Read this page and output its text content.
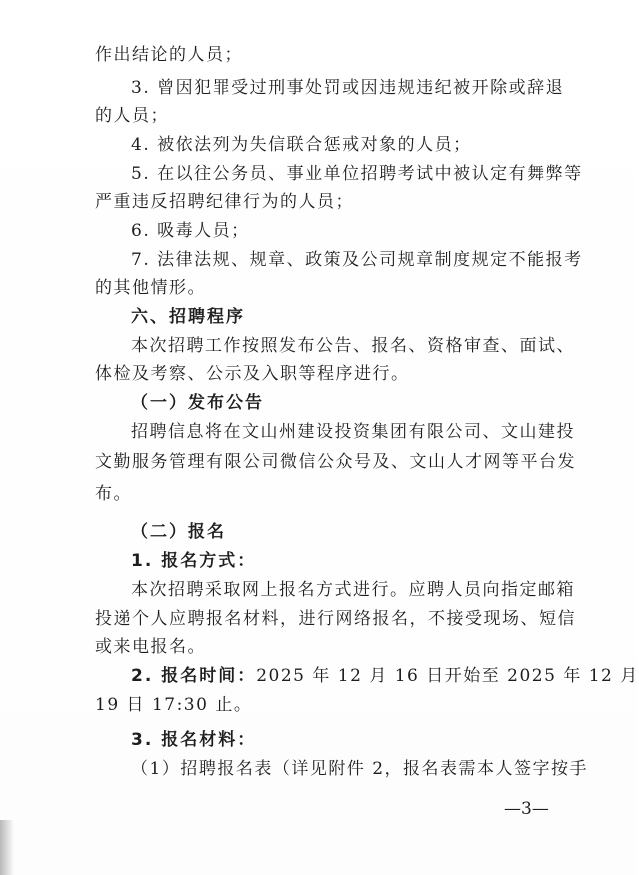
作出结论的人员；
3. 曾因犯罪受过刑事处罚或因违规违纪被开除或辞退
的人员；
4. 被依法列为失信联合惩戒对象的人员；
5. 在以往公务员、事业单位招聘考试中被认定有舞弊等
严重违反招聘纪律行为的人员；
6. 吸毒人员；
7. 法律法规、规章、政策及公司规章制度规定不能报考
的其他情形。
六、招聘程序
本次招聘工作按照发布公告、报名、资格审查、面试、
体检及考察、公示及入职等程序进行。
（一）发布公告
招聘信息将在文山州建设投资集团有限公司、文山建投
文勤服务管理有限公司微信公众号及、文山人才网等平台发
布。
（二）报名
1. 报名方式：
本次招聘采取网上报名方式进行。应聘人员向指定邮箱
投递个人应聘报名材料，进行网络报名，不接受现场、短信
或来电报名。
2. 报名时间：2025 年 12 月 16 日开始至 2025 年 12 月
19 日 17:30 止。
3. 报名材料：
（1）招聘报名表（详见附件 2，报名表需本人签字按手
—3—
